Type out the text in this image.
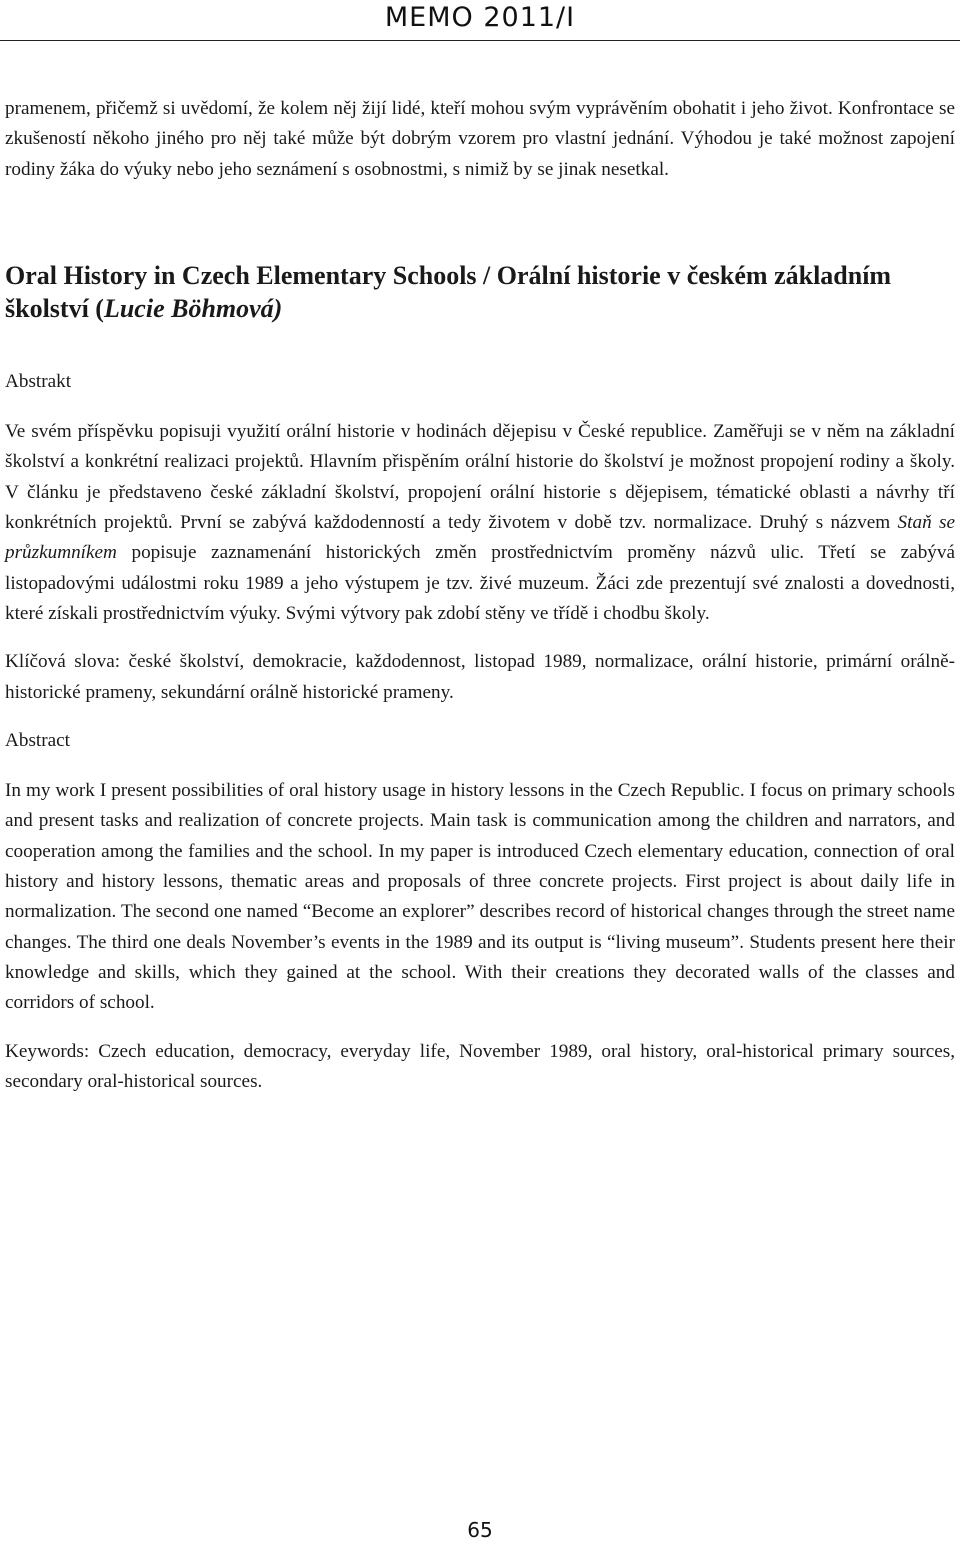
MEMO 2011/I

pramenem, přičemž si uvědomí, že kolem něj žijí lidé, kteří mohou svým vyprávěním obohatit i jeho život. Konfrontace se zkušeností někoho jiného pro něj také může být dobrým vzorem pro vlastní jednání. Výhodou je také možnost zapojení rodiny žáka do výuky nebo jeho seznámení s osobnostmi, s nimiž by se jinak nesetkal.

Oral History in Czech Elementary Schools / Orální historie v českém základním školství (Lucie Böhmová)

Abstrakt

Ve svém příspěvku popisuji využití orální historie v hodinách dějepisu v České republice. Zaměřuji se v něm na základní školství a konkrétní realizaci projektů. Hlavním přispěním orální historie do školství je možnost propojení rodiny a školy. V článku je představeno české základní školství, propojení orální historie s dějepisem, tématické oblasti a návrhy tří konkrétních projektů. První se zabývá každodenností a tedy životem v době tzv. normalizace. Druhý s názvem Staň se průzkumníkem popisuje zaznamenání historických změn prostřednictvím proměny názvů ulic. Třetí se zabývá listopadovými událostmi roku 1989 a jeho výstupem je tzv. živé muzeum. Žáci zde prezentují své znalosti a dovednosti, které získali prostřednictvím výuky. Svými výtvory pak zdobí stěny ve třídě i chodbu školy.

Klíčová slova: české školství, demokracie, každodennost, listopad 1989, normalizace, orální historie, primární orálně-historické prameny, sekundární orálně historické prameny.

Abstract

In my work I present possibilities of oral history usage in history lessons in the Czech Republic. I focus on primary schools and present tasks and realization of concrete projects. Main task is communication among the children and narrators, and cooperation among the families and the school. In my paper is introduced Czech elementary education, connection of oral history and history lessons, thematic areas and proposals of three concrete projects. First project is about daily life in normalization. The second one named “Become an explorer” describes record of historical changes through the street name changes. The third one deals November’s events in the 1989 and its output is “living museum”. Students present here their knowledge and skills, which they gained at the school. With their creations they decorated walls of the classes and corridors of school.

Keywords: Czech education, democracy, everyday life, November 1989, oral history, oral-historical primary sources, secondary oral-historical sources.

65
